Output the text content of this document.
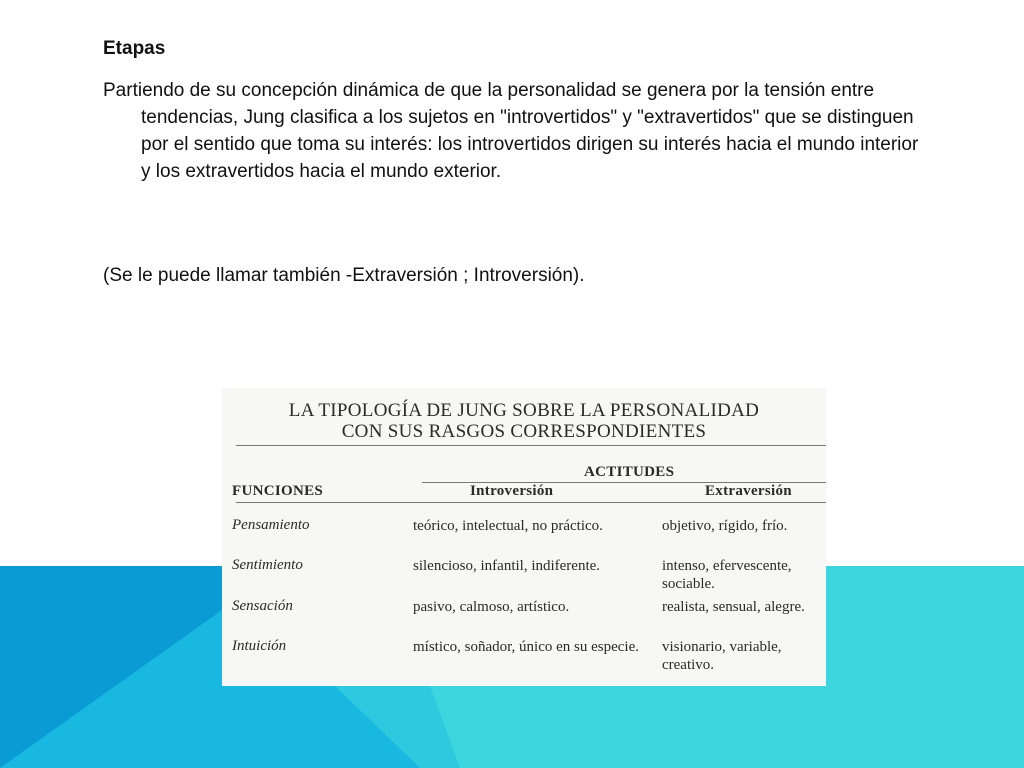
Etapas

Partiendo de su concepción dinámica de que la personalidad se genera por la tensión entre tendencias, Jung clasifica a los sujetos en "introvertidos" y "extravertidos" que se distinguen por el sentido que toma su interés: los introvertidos dirigen su interés hacia el mundo interior y los extravertidos hacia el mundo exterior.

(Se le puede llamar también -Extraversión ; Introversión).

LA TIPOLOGÍA DE JUNG SOBRE LA PERSONALIDAD
CON SUS RASGOS CORRESPONDIENTES
ACTITUDES
FUNCIONES	Introversión	Extraversión
Pensamiento	teórico, intelectual, no práctico.	objetivo, rígido, frío.
Sentimiento	silencioso, infantil, indiferente.	intenso, efervescente, sociable.
Sensación	pasivo, calmoso, artístico.	realista, sensual, alegre.
Intuición	místico, soñador, único en su especie.	visionario, variable, creativo.
